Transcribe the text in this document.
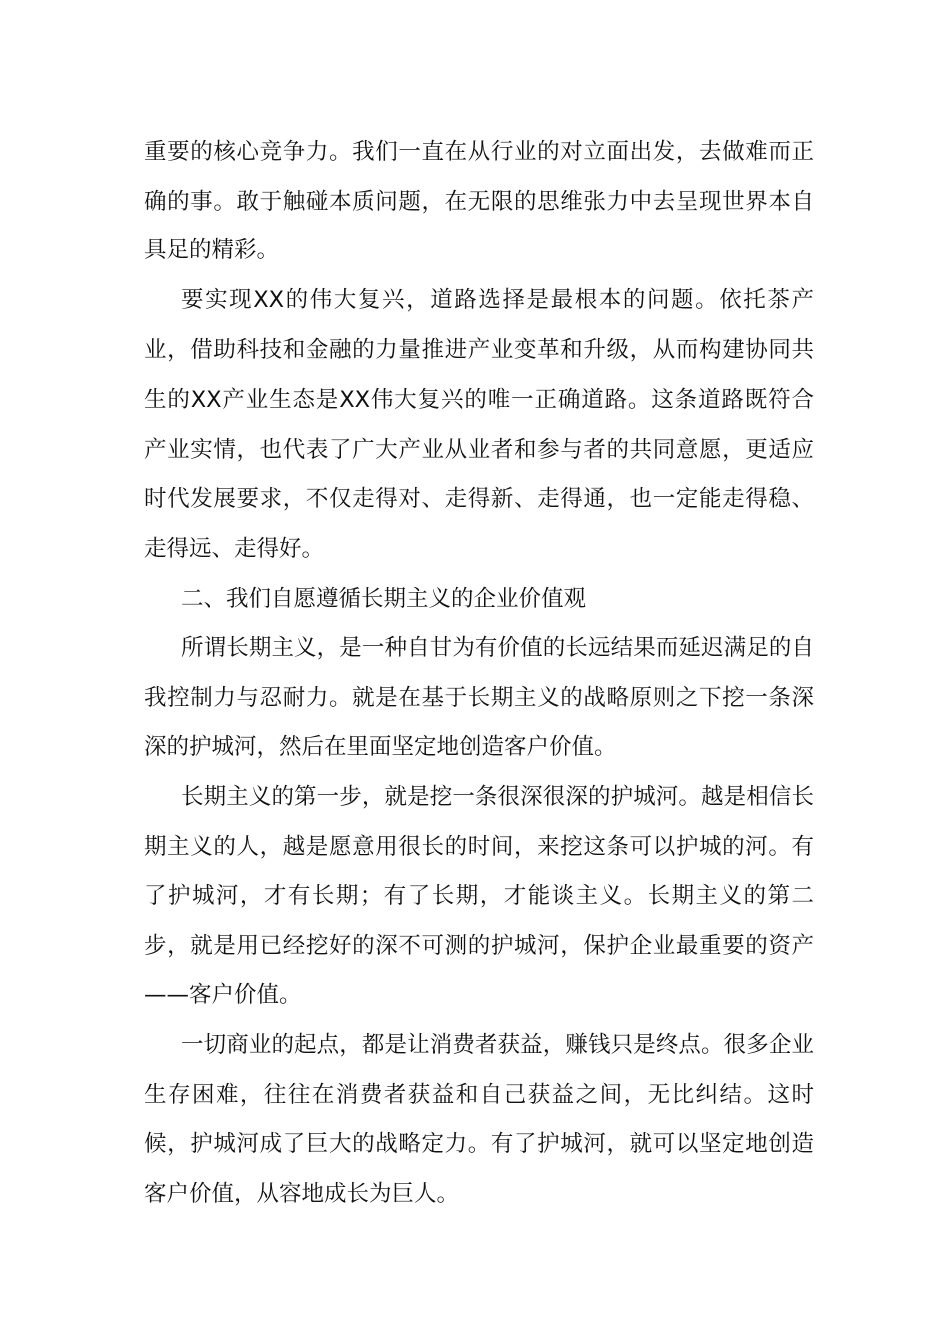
重要的核心竞争力。我们一直在从行业的对立面出发，去做难而正
确的事。敢于触碰本质问题，在无限的思维张力中去呈现世界本自
具足的精彩。
要实现XX的伟大复兴，道路选择是最根本的问题。依托茶产
业，借助科技和金融的力量推进产业变革和升级，从而构建协同共
生的XX产业生态是XX伟大复兴的唯一正确道路。这条道路既符合
产业实情，也代表了广大产业从业者和参与者的共同意愿，更适应
时代发展要求，不仅走得对、走得新、走得通，也一定能走得稳、
走得远、走得好。
二、我们自愿遵循长期主义的企业价值观
所谓长期主义，是一种自甘为有价值的长远结果而延迟满足的自
我控制力与忍耐力。就是在基于长期主义的战略原则之下挖一条深
深的护城河，然后在里面坚定地创造客户价值。
长期主义的第一步，就是挖一条很深很深的护城河。越是相信长
期主义的人，越是愿意用很长的时间，来挖这条可以护城的河。有
了护城河，才有长期；有了长期，才能谈主义。长期主义的第二
步，就是用已经挖好的深不可测的护城河，保护企业最重要的资产
——客户价值。
一切商业的起点，都是让消费者获益，赚钱只是终点。很多企业
生存困难，往往在消费者获益和自己获益之间，无比纠结。这时
候，护城河成了巨大的战略定力。有了护城河，就可以坚定地创造
客户价值，从容地成长为巨人。
